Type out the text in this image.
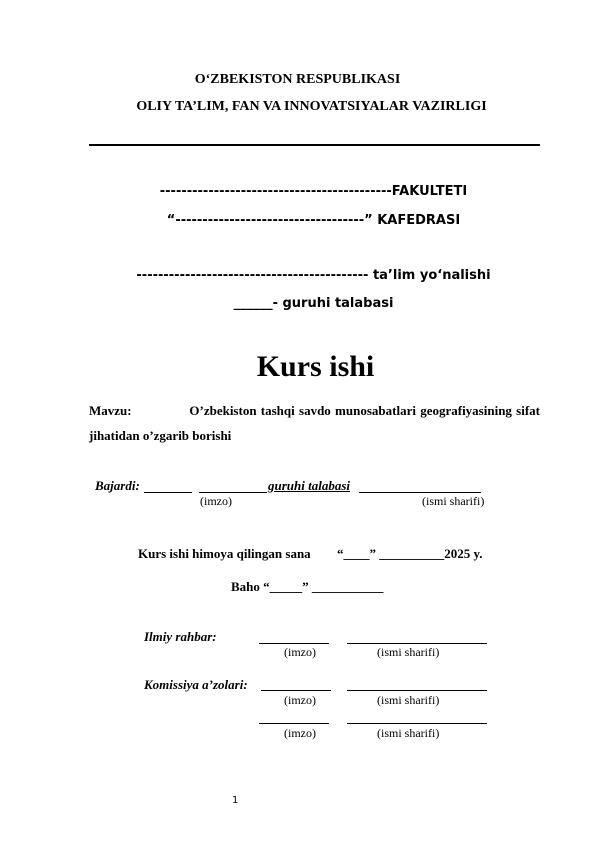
O‘ZBEKISTON RESPUBLIKASI
OLIY TA’LIM, FAN VA INNOVATSIYALAR VAZIRLIGI
-------------------------------------------FAKULTETI
“-----------------------------------” KAFEDRASI
------------------------------------------- ta’lim yo‘nalishi
______- guruhi talabasi
Kurs ishi
Mavzu:	O’zbekiston tashqi savdo munosabatlari geografiyasining sifat
jihatidan o’zgarib borishi
Bajardi:	guruhi talabasi
(imzo)	(ismi sharifi)
Kurs ishi himoya qilingan sana “____” __________2025 y.
Baho “_____” ___________
Ilmiy rahbar:
(imzo)	(ismi sharifi)
Komissiya a’zolari:
(imzo)	(ismi sharifi)
(imzo)	(ismi sharifi)
1
